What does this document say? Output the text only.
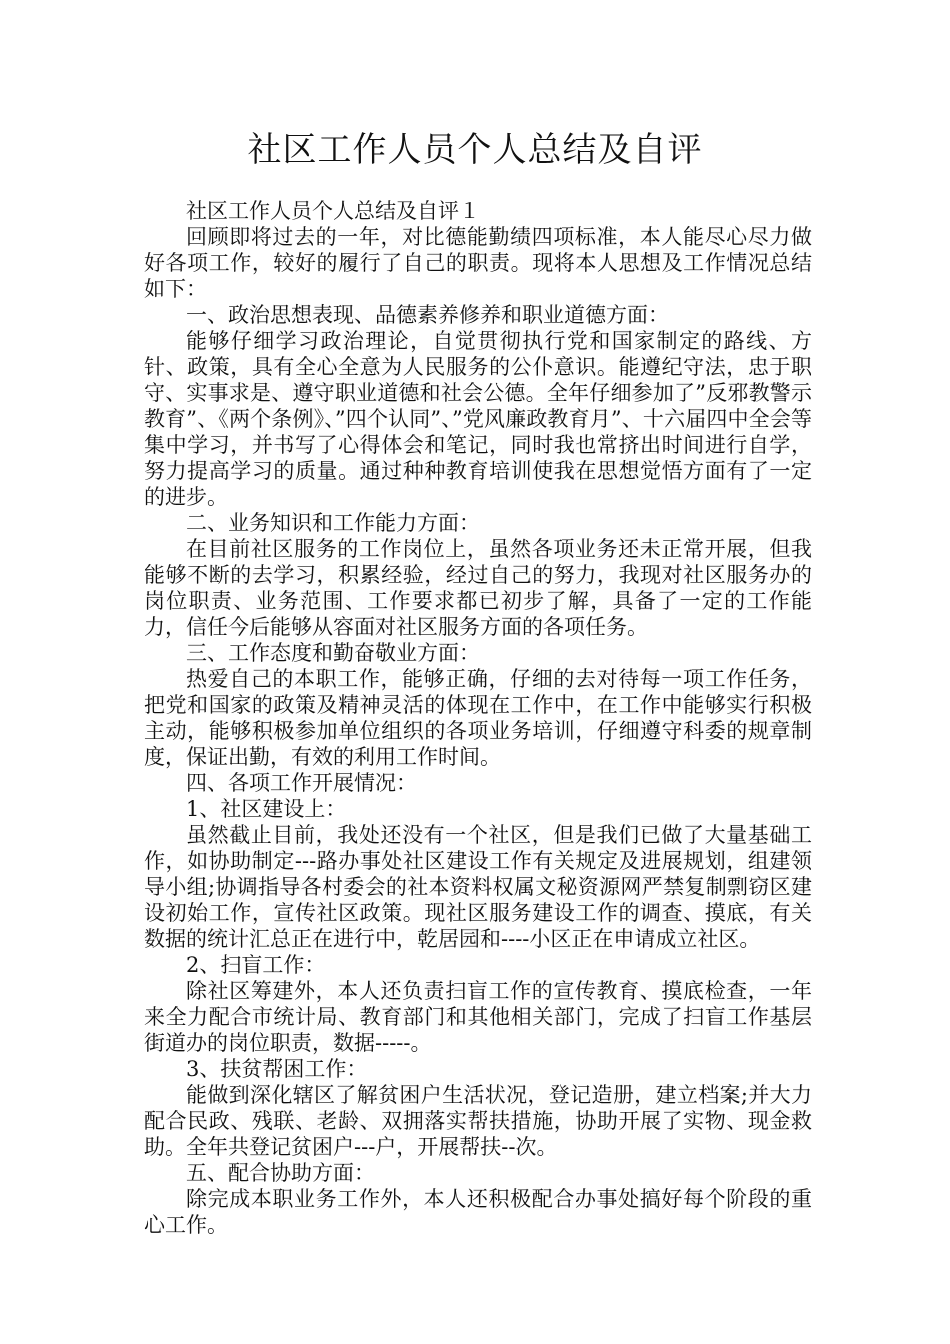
社区工作人员个人总结及自评

社区工作人员个人总结及自评１

回顾即将过去的一年，对比德能勤绩四项标准，本人能尽心尽力做好各项工作，较好的履行了自己的职责。现将本人思想及工作情况总结如下：

一、政治思想表现、品德素养修养和职业道德方面：

能够仔细学习政治理论，自觉贯彻执行党和国家制定的路线、方针、政策，具有全心全意为人民服务的公仆意识。能遵纪守法，忠于职守、实事求是、遵守职业道德和社会公德。全年仔细参加了”反邪教警示教育”、《两个条例》、”四个认同”、”党风廉政教育月”、十六届四中全会等集中学习，并书写了心得体会和笔记，同时我也常挤出时间进行自学，努力提高学习的质量。通过种种教育培训使我在思想觉悟方面有了一定的进步。

二、业务知识和工作能力方面：

在目前社区服务的工作岗位上，虽然各项业务还未正常开展，但我能够不断的去学习，积累经验，经过自己的努力，我现对社区服务办的岗位职责、业务范围、工作要求都已初步了解，具备了一定的工作能力，信任今后能够从容面对社区服务方面的各项任务。

三、工作态度和勤奋敬业方面：

热爱自己的本职工作，能够正确，仔细的去对待每一项工作任务，把党和国家的政策及精神灵活的体现在工作中，在工作中能够实行积极主动，能够积极参加单位组织的各项业务培训，仔细遵守科委的规章制度，保证出勤，有效的利用工作时间。

四、各项工作开展情况：

1、社区建设上：

虽然截止目前，我处还没有一个社区，但是我们已做了大量基础工作，如协助制定---路办事处社区建设工作有关规定及进展规划，组建领导小组;协调指导各村委会的社本资料权属文秘资源网严禁复制剽窃区建设初始工作，宣传社区政策。现社区服务建设工作的调查、摸底，有关数据的统计汇总正在进行中，乾居园和----小区正在申请成立社区。

2、扫盲工作：

除社区筹建外，本人还负责扫盲工作的宣传教育、摸底检查，一年来全力配合市统计局、教育部门和其他相关部门，完成了扫盲工作基层街道办的岗位职责，数据-----。

3、扶贫帮困工作：

能做到深化辖区了解贫困户生活状况，登记造册，建立档案;并大力配合民政、残联、老龄、双拥落实帮扶措施，协助开展了实物、现金救助。全年共登记贫困户---户，开展帮扶--次。

五、配合协助方面：

除完成本职业务工作外，本人还积极配合办事处搞好每个阶段的重心工作。
